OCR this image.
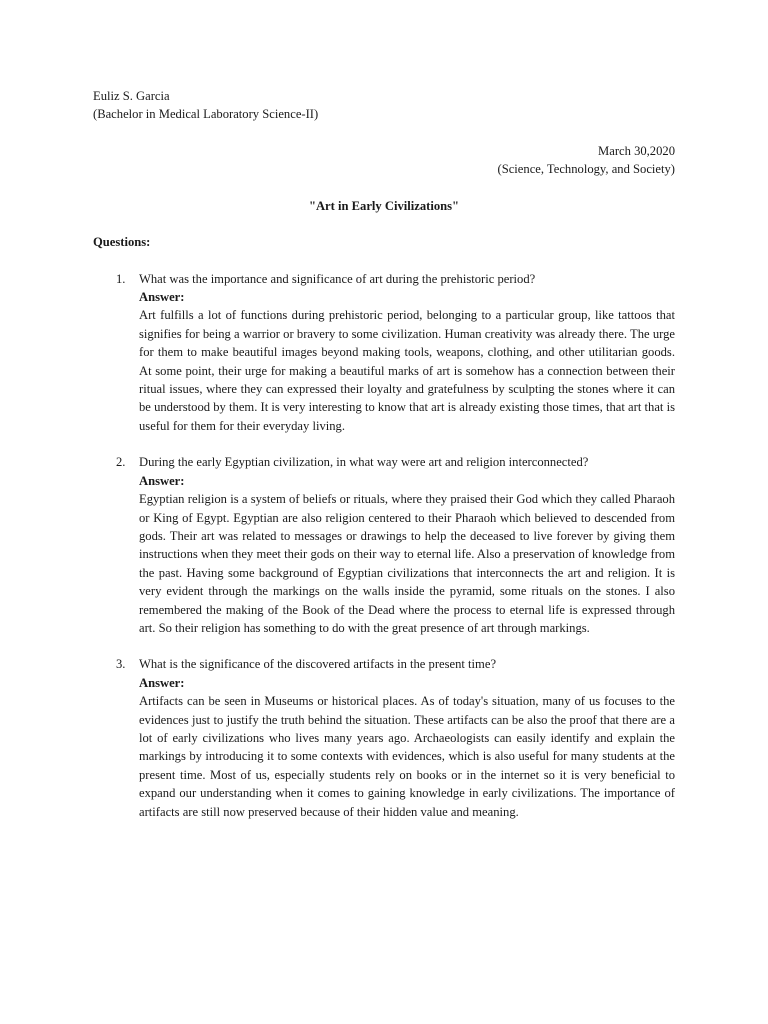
Euliz S. Garcia

(Bachelor in Medical Laboratory Science-II)

March 30,2020

(Science, Technology, and Society)

"Art in Early Civilizations"

Questions:

1. What was the importance and significance of art during the prehistoric period?

Answer:

Art fulfills a lot of functions during prehistoric period, belonging to a particular group, like tattoos that signifies for being a warrior or bravery to some civilization. Human creativity was already there. The urge for them to make beautiful images beyond making tools, weapons, clothing, and other utilitarian goods. At some point, their urge for making a beautiful marks of art is somehow has a connection between their ritual issues, where they can expressed their loyalty and gratefulness by sculpting the stones where it can be understood by them. It is very interesting to know that art is already existing those times, that art that is useful for them for their everyday living.

2. During the early Egyptian civilization, in what way were art and religion interconnected?

Answer:

Egyptian religion is a system of beliefs or rituals, where they praised their God which they called Pharaoh or King of Egypt. Egyptian are also religion centered to their Pharaoh which believed to descended from gods. Their art was related to messages or drawings to help the deceased to live forever by giving them instructions when they meet their gods on their way to eternal life. Also a preservation of knowledge from the past. Having some background of Egyptian civilizations that interconnects the art and religion. It is very evident through the markings on the walls inside the pyramid, some rituals on the stones. I also remembered the making of the Book of the Dead where the process to eternal life is expressed through art. So their religion has something to do with the great presence of art through markings.

3. What is the significance of the discovered artifacts in the present time?

Answer:

Artifacts can be seen in Museums or historical places. As of today's situation, many of us focuses to the evidences just to justify the truth behind the situation. These artifacts can be also the proof that there are a lot of early civilizations who lives many years ago. Archaeologists can easily identify and explain the markings by introducing it to some contexts with evidences, which is also useful for many students at the present time. Most of us, especially students rely on books or in the internet so it is very beneficial to expand our understanding when it comes to gaining knowledge in early civilizations. The importance of artifacts are still now preserved because of their hidden value and meaning.
